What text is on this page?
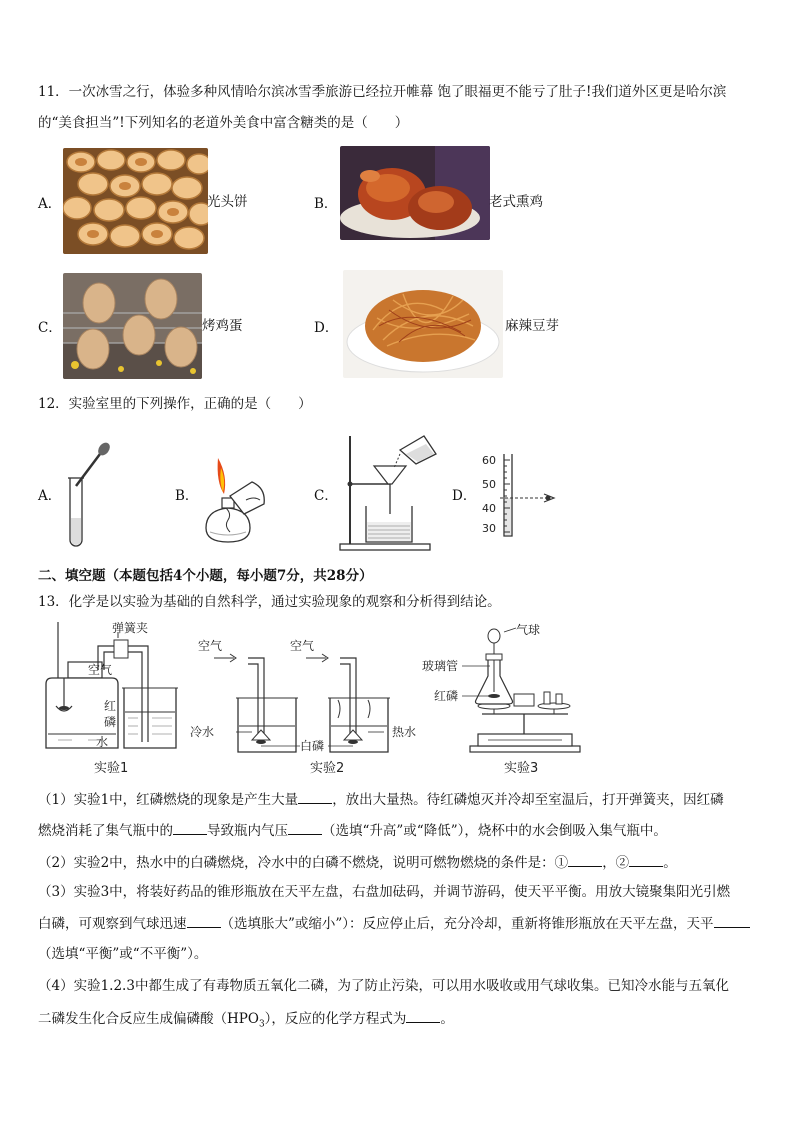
11．一次冰雪之行，体验多种风情哈尔滨冰雪季旅游已经拉开帷幕 饱了眼福更不能亏了肚子!我们道外区更是哈尔滨
的“美食担当”!下列知名的老道外美食中富含糖类的是（　　）
A．	光头饼	B．	老式熏鸡
C．	烤鸡蛋	D．	麻辣豆芽
12．实验室里的下列操作，正确的是（　　）
A．	B．	C．	D．
60
50
40
30
二、填空题（本题包括4个小题，每小题7分，共28分）
13．化学是以实验为基础的自然科学，通过实验现象的观察和分析得到结论。
弹簧夹
空气
红
磷
水
实验1
空气	空气
冷水
白磷
热水
实验2
气球
玻璃管
红磷
实验3
（1）实验1中，红磷燃烧的现象是产生大量	，放出大量热。待红磷熄灭并冷却至室温后，打开弹簧夹，因红磷
燃烧消耗了集气瓶中的	导致瓶内气压	（选填“升高”或“降低”），烧杯中的水会倒吸入集气瓶中。
（2）实验2中，热水中的白磷燃烧，冷水中的白磷不燃烧，说明可燃物燃烧的条件是：①	，②	。
（3）实验3中，将装好药品的锥形瓶放在天平左盘，右盘加砝码，并调节游码，使天平平衡。用放大镜聚集阳光引燃
白磷，可观察到气球迅速	（选填胀大”或缩小”）：反应停止后，充分冷却，重新将锥形瓶放在天平左盘，天平
（选填“平衡”或“不平衡”）。
（4）实验1.2.3中都生成了有毒物质五氧化二磷，为了防止污染，可以用水吸收或用气球收集。已知冷水能与五氧化
二磷发生化合反应生成偏磷酸$(HPO_3)$，反应的化学方程式为	。
